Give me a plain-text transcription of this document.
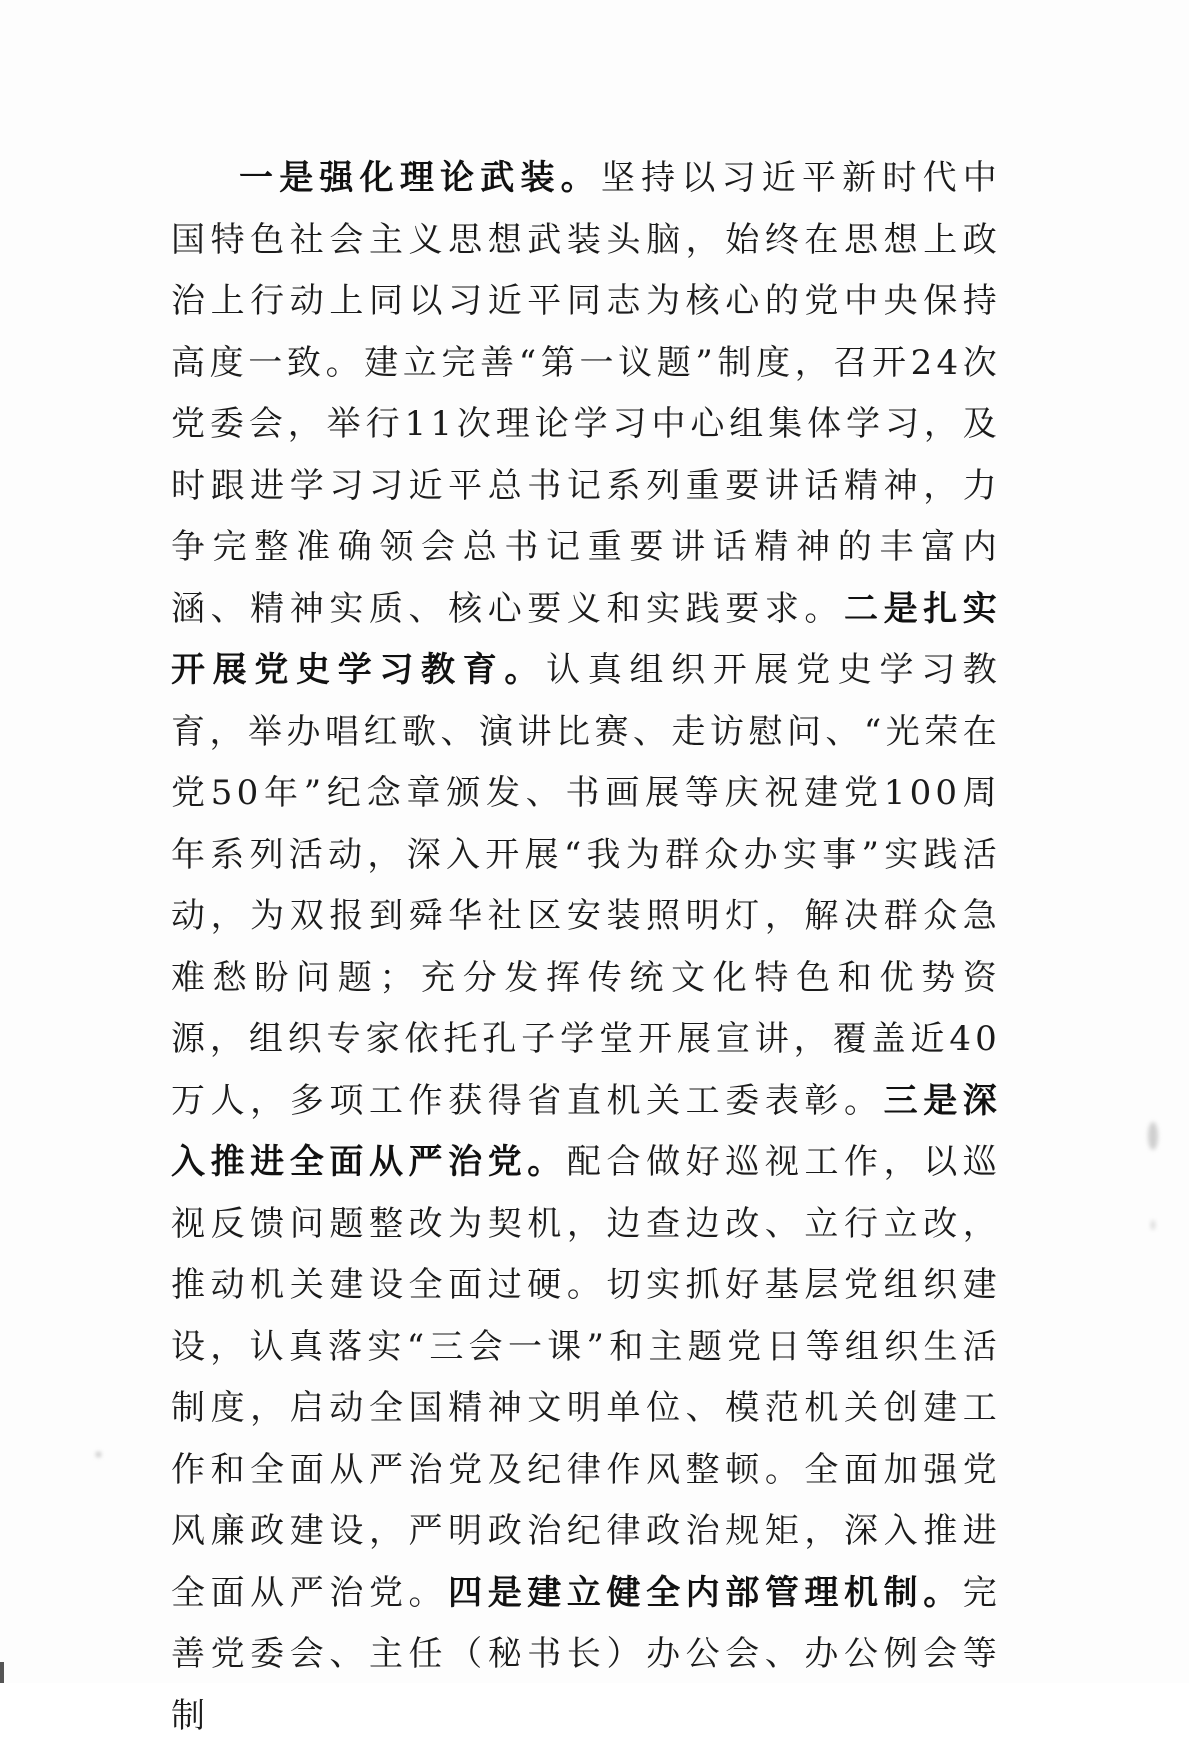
一是强化理论武装。坚持以习近平新时代中国特色社会主义思想武装头脑，始终在思想上政治上行动上同以习近平同志为核心的党中央保持高度一致。建立完善“第一议题”制度，召开24次党委会，举行11次理论学习中心组集体学习，及时跟进学习习近平总书记系列重要讲话精神，力争完整准确领会总书记重要讲话精神的丰富内涵、精神实质、核心要义和实践要求。二是扎实开展党史学习教育。认真组织开展党史学习教育，举办唱红歌、演讲比赛、走访慰问、“光荣在党50年”纪念章颁发、书画展等庆祝建党100周年系列活动，深入开展“我为群众办实事”实践活动，为双报到舜华社区安装照明灯，解决群众急难愁盼问题；充分发挥传统文化特色和优势资源，组织专家依托孔子学堂开展宣讲，覆盖近40万人，多项工作获得省直机关工委表彰。三是深入推进全面从严治党。配合做好巡视工作，以巡视反馈问题整改为契机，边查边改、立行立改，推动机关建设全面过硬。切实抓好基层党组织建设，认真落实“三会一课”和主题党日等组织生活制度，启动全国精神文明单位、模范机关创建工作和全面从严治党及纪律作风整顿。全面加强党风廉政建设，严明政治纪律政治规矩，深入推进全面从严治党。四是建立健全内部管理机制。完善党委会、主任（秘书长）办公会、办公例会等制
